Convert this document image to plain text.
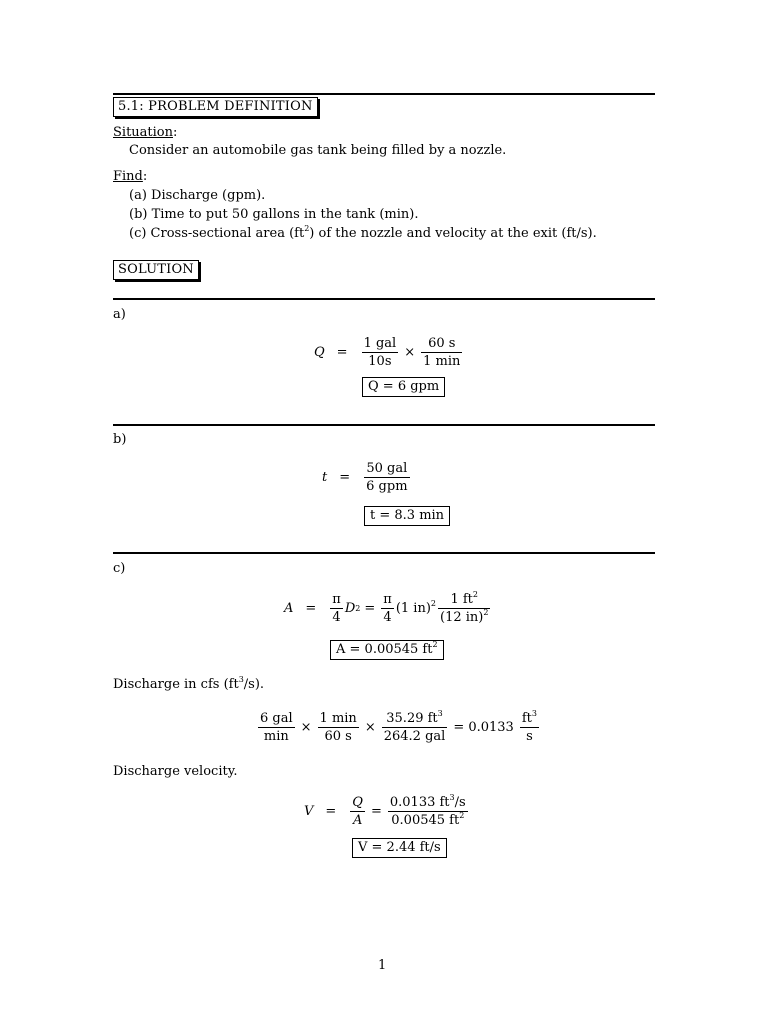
5.1: PROBLEM DEFINITION
Situation:
Consider an automobile gas tank being filled by a nozzle.
Find:
(a) Discharge (gpm).
(b) Time to put 50 gallons in the tank (min).
(c) Cross-sectional area $(ft^2)$ of the nozzle and velocity at the exit (ft/s).
SOLUTION
a)
$Q = \frac{\text{1 gal}}{10s} \times \frac{60 s}{1 \min}$
Q = 6 gpm
b)
$t = \frac{\text{50 gal}}{\text{6 gpm}}$
t = 8.3 min
c)
$A = \frac{\pi}{4}$ D $2 = \frac{\pi}{4} (1$ $in)^2 \frac{1 ft^2}{(12 in)^2}$
A = 0.00545 $ft^2$
Discharge in cfs $(ft^3/s)$.
$\frac{\text{6 gal}}{\min} \times \frac{1 \min}{60 s} \times \frac{35.29 ft^3}{\text{264.2 gal}} = 0.0133 \frac{ft^3}{s}$
Discharge velocity.
$V = \frac{Q}{A} = \frac{0.0133 ft^3/s}{0.00545 ft^2}$
V = 2.44 ft/s
1
